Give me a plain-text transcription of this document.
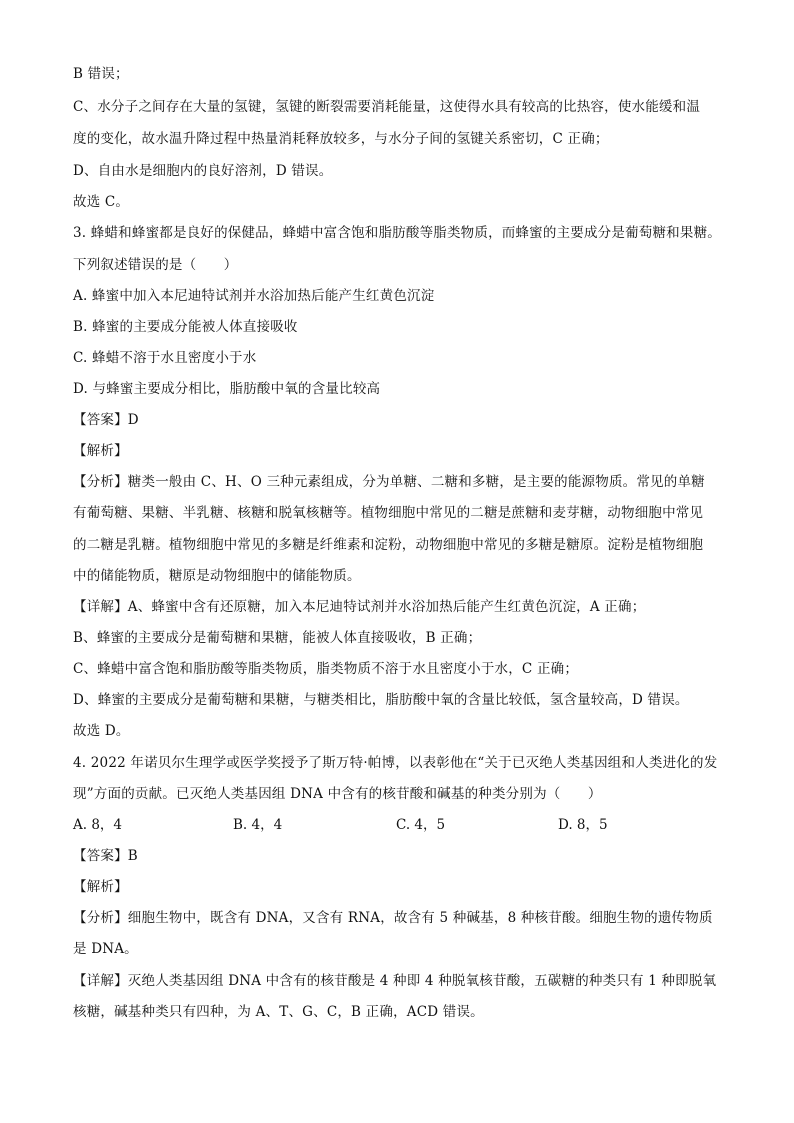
B 错误；
C、水分子之间存在大量的氢键，氢键的断裂需要消耗能量，这使得水具有较高的比热容，使水能缓和温
度的变化，故水温升降过程中热量消耗释放较多，与水分子间的氢键关系密切，C 正确；
D、自由水是细胞内的良好溶剂，D 错误。
故选 C。
3. 蜂蜡和蜂蜜都是良好的保健品，蜂蜡中富含饱和脂肪酸等脂类物质，而蜂蜜的主要成分是葡萄糖和果糖。
下列叙述错误的是（　　）
A. 蜂蜜中加入本尼迪特试剂并水浴加热后能产生红黄色沉淀
B. 蜂蜜的主要成分能被人体直接吸收
C. 蜂蜡不溶于水且密度小于水
D. 与蜂蜜主要成分相比，脂肪酸中氧的含量比较高
【答案】D
【解析】
【分析】糖类一般由 C、H、O 三种元素组成，分为单糖、二糖和多糖，是主要的能源物质。常见的单糖
有葡萄糖、果糖、半乳糖、核糖和脱氧核糖等。植物细胞中常见的二糖是蔗糖和麦芽糖，动物细胞中常见
的二糖是乳糖。植物细胞中常见的多糖是纤维素和淀粉，动物细胞中常见的多糖是糖原。淀粉是植物细胞
中的储能物质，糖原是动物细胞中的储能物质。
【详解】A、蜂蜜中含有还原糖，加入本尼迪特试剂并水浴加热后能产生红黄色沉淀，A 正确；
B、蜂蜜的主要成分是葡萄糖和果糖，能被人体直接吸收，B 正确；
C、蜂蜡中富含饱和脂肪酸等脂类物质，脂类物质不溶于水且密度小于水，C 正确；
D、蜂蜜的主要成分是葡萄糖和果糖，与糖类相比，脂肪酸中氧的含量比较低，氢含量较高，D 错误。
故选 D。
4. 2022 年诺贝尔生理学或医学奖授予了斯万特·帕博，以表彰他在“关于已灭绝人类基因组和人类进化的发
现”方面的贡献。已灭绝人类基因组 DNA 中含有的核苷酸和碱基的种类分别为（　　）
A. 8，4	B. 4，4	C. 4，5	D. 8，5
【答案】B
【解析】
【分析】细胞生物中，既含有 DNA，又含有 RNA，故含有 5 种碱基，8 种核苷酸。细胞生物的遗传物质
是 DNA。
【详解】灭绝人类基因组 DNA 中含有的核苷酸是 4 种即 4 种脱氧核苷酸，五碳糖的种类只有 1 种即脱氧
核糖，碱基种类只有四种，为 A、T、G、C，B 正确，ACD 错误。
